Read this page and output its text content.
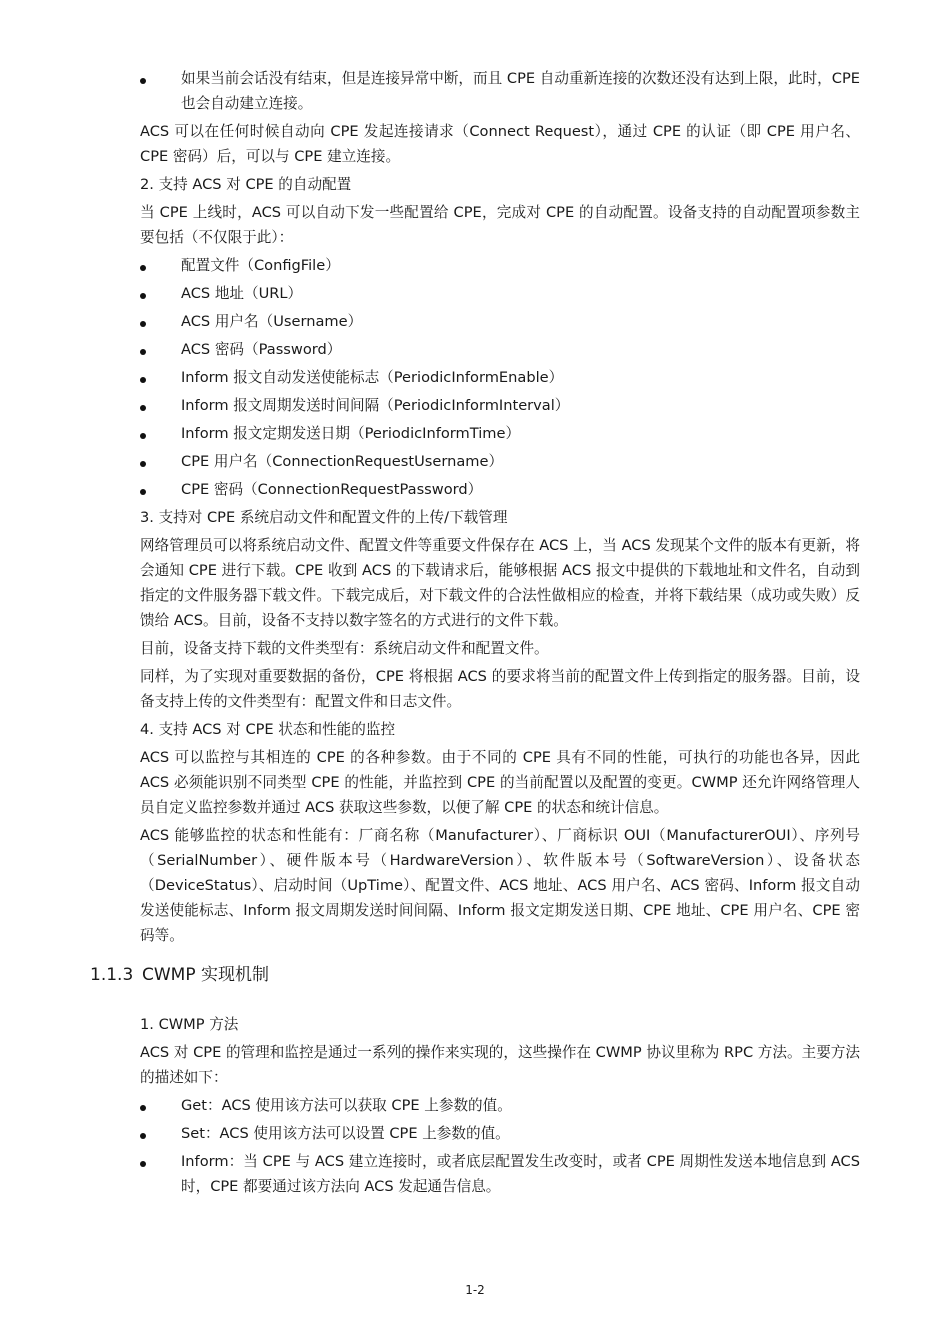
如果当前会话没有结束，但是连接异常中断，而且 CPE 自动重新连接的次数还没有达到上限，此时，CPE 也会自动建立连接。

ACS 可以在任何时候自动向 CPE 发起连接请求（Connect Request），通过 CPE 的认证（即 CPE 用户名、CPE 密码）后，可以与 CPE 建立连接。

2. 支持 ACS 对 CPE 的自动配置

当 CPE 上线时，ACS 可以自动下发一些配置给 CPE，完成对 CPE 的自动配置。设备支持的自动配置项参数主要包括（不仅限于此）：

配置文件（ConfigFile）
ACS 地址（URL）
ACS 用户名（Username）
ACS 密码（Password）
Inform 报文自动发送使能标志（PeriodicInformEnable）
Inform 报文周期发送时间间隔（PeriodicInformInterval）
Inform 报文定期发送日期（PeriodicInformTime）
CPE 用户名（ConnectionRequestUsername）
CPE 密码（ConnectionRequestPassword）

3. 支持对 CPE 系统启动文件和配置文件的上传/下载管理

网络管理员可以将系统启动文件、配置文件等重要文件保存在 ACS 上，当 ACS 发现某个文件的版本有更新，将会通知 CPE 进行下载。CPE 收到 ACS 的下载请求后，能够根据 ACS 报文中提供的下载地址和文件名，自动到指定的文件服务器下载文件。下载完成后，对下载文件的合法性做相应的检查，并将下载结果（成功或失败）反馈给 ACS。目前，设备不支持以数字签名的方式进行的文件下载。

目前，设备支持下载的文件类型有：系统启动文件和配置文件。

同样，为了实现对重要数据的备份，CPE 将根据 ACS 的要求将当前的配置文件上传到指定的服务器。目前，设备支持上传的文件类型有：配置文件和日志文件。

4. 支持 ACS 对 CPE 状态和性能的监控

ACS 可以监控与其相连的 CPE 的各种参数。由于不同的 CPE 具有不同的性能，可执行的功能也各异，因此 ACS 必须能识别不同类型 CPE 的性能，并监控到 CPE 的当前配置以及配置的变更。CWMP 还允许网络管理人员自定义监控参数并通过 ACS 获取这些参数，以便了解 CPE 的状态和统计信息。

ACS 能够监控的状态和性能有：厂商名称（Manufacturer）、厂商标识 OUI（ManufacturerOUI）、序列号（SerialNumber）、硬件版本号（HardwareVersion）、软件版本号（SoftwareVersion）、设备状态（DeviceStatus）、启动时间（UpTime）、配置文件、ACS 地址、ACS 用户名、ACS 密码、Inform 报文自动发送使能标志、Inform 报文周期发送时间间隔、Inform 报文定期发送日期、CPE 地址、CPE 用户名、CPE 密码等。

1.1.3 CWMP 实现机制

1. CWMP 方法

ACS 对 CPE 的管理和监控是通过一系列的操作来实现的，这些操作在 CWMP 协议里称为 RPC 方法。主要方法的描述如下：

Get：ACS 使用该方法可以获取 CPE 上参数的值。
Set：ACS 使用该方法可以设置 CPE 上参数的值。
Inform：当 CPE 与 ACS 建立连接时，或者底层配置发生改变时，或者 CPE 周期性发送本地信息到 ACS 时，CPE 都要通过该方法向 ACS 发起通告信息。
1-2
